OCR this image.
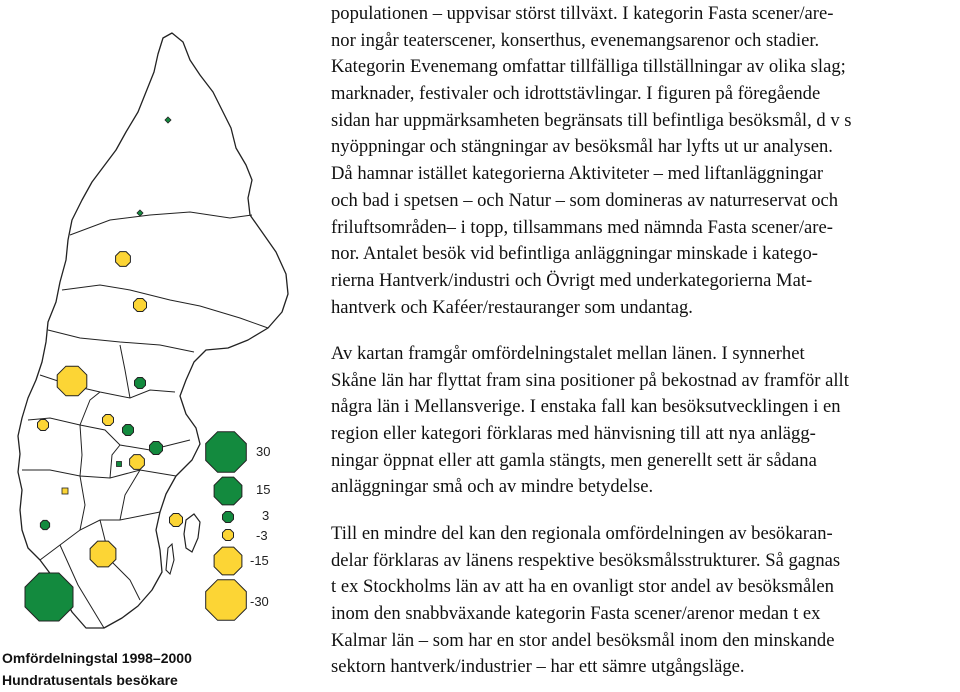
30
15
3
-3
-15
-30
Omfördelningstal 1998–2000
Hundratusentals besökare
populationen – uppvisar störst tillväxt. I kategorin Fasta scener/are-
nor ingår teaterscener, konserthus, evenemangsarenor och stadier.
Kategorin Evenemang omfattar tillfälliga tillställningar av olika slag;
marknader, festivaler och idrottstävlingar. I figuren på föregående
sidan har uppmärksamheten begränsats till befintliga besöksmål, d v s
nyöppningar och stängningar av besöksmål har lyfts ut ur analysen.
Då hamnar istället kategorierna Aktiviteter – med liftanläggningar
och bad i spetsen – och Natur – som domineras av naturreservat och
friluftsområden– i topp, tillsammans med nämnda Fasta scener/are-
nor. Antalet besök vid befintliga anläggningar minskade i katego-
rierna Hantverk/industri och Övrigt med underkategorierna Mat-
hantverk och Kaféer/restauranger som undantag.
Av kartan framgår omfördelningstalet mellan länen. I synnerhet
Skåne län har flyttat fram sina positioner på bekostnad av framför allt
några län i Mellansverige. I enstaka fall kan besöksutvecklingen i en
region eller kategori förklaras med hänvisning till att nya anlägg-
ningar öppnat eller att gamla stängts, men generellt sett är sådana
anläggningar små och av mindre betydelse.
Till en mindre del kan den regionala omfördelningen av besökaran-
delar förklaras av länens respektive besöksmålsstrukturer. Så gagnas
t ex Stockholms län av att ha en ovanligt stor andel av besöksmålen
inom den snabbväxande kategorin Fasta scener/arenor medan t ex
Kalmar län – som har en stor andel besöksmål inom den minskande
sektorn hantverk/industrier – har ett sämre utgångsläge.
